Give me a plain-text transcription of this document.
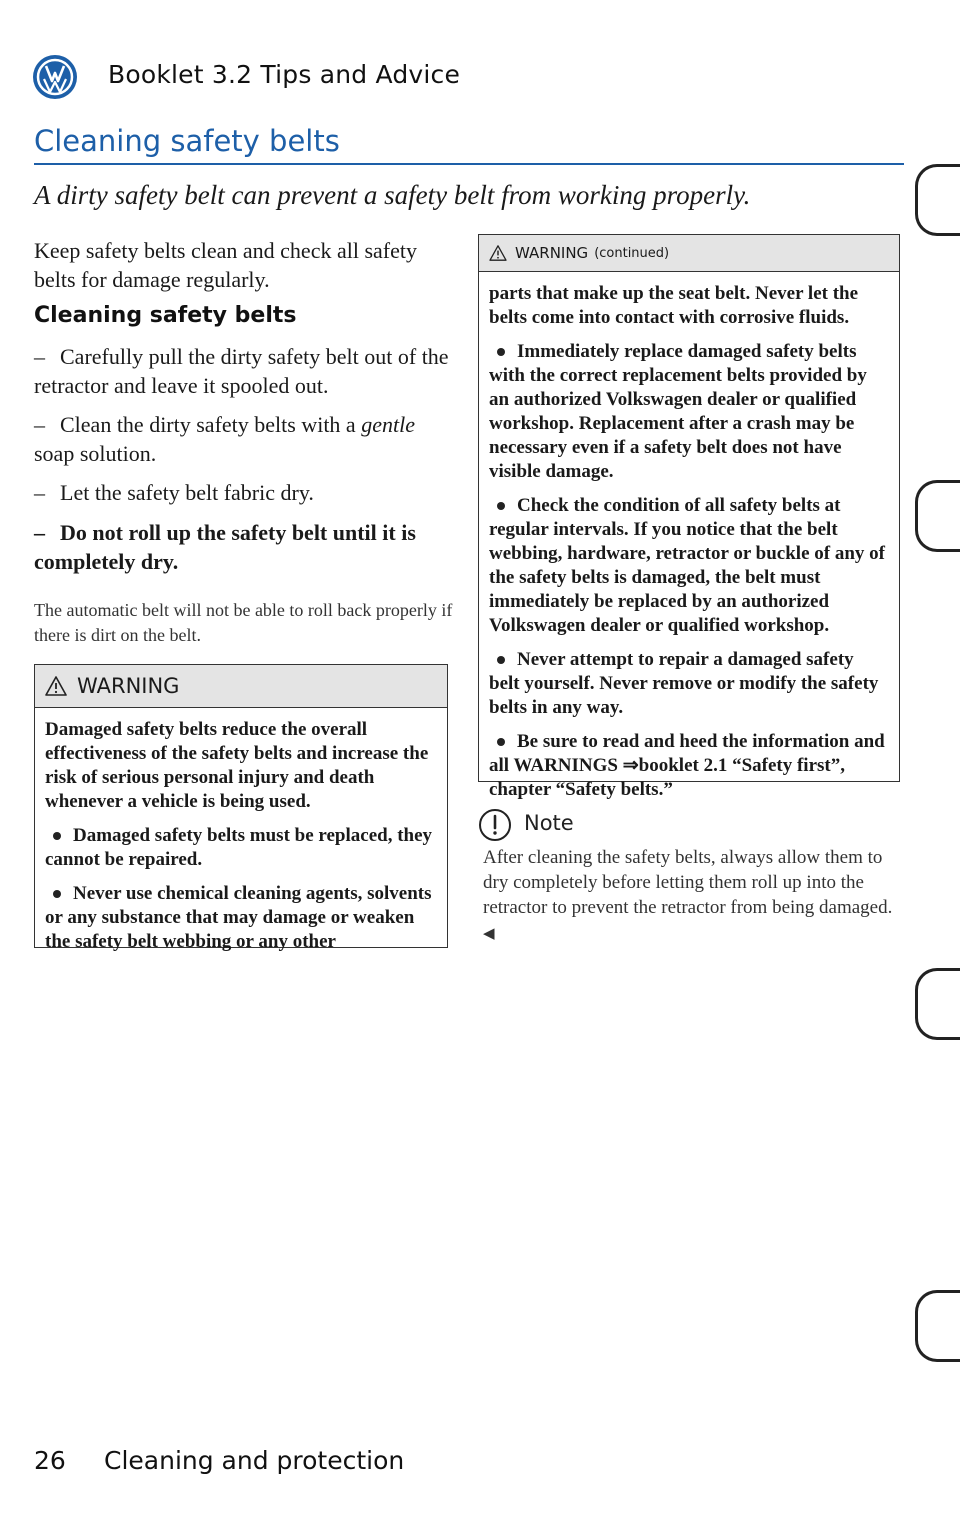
Booklet 3.2 Tips and Advice
Cleaning safety belts
A dirty safety belt can prevent a safety belt from working properly.

Keep safety belts clean and check all safety belts for damage regularly.

Cleaning safety belts
– Carefully pull the dirty safety belt out of the retractor and leave it spooled out.
– Clean the dirty safety belts with a gentle soap solution.
– Let the safety belt fabric dry.
– Do not roll up the safety belt until it is completely dry.
The automatic belt will not be able to roll back properly if there is dirt on the belt.
WARNING

Damaged safety belts reduce the overall effectiveness of the safety belts and increase the risk of serious personal injury and death whenever a vehicle is being used.

Damaged safety belts must be replaced, they cannot be repaired.

Never use chemical cleaning agents, solvents or any substance that may damage or weaken the safety belt webbing or any other

WARNING (continued)

parts that make up the seat belt. Never let the belts come into contact with corrosive fluids.

Immediately replace damaged safety belts with the correct replacement belts provided by an authorized Volkswagen dealer or qualified workshop. Replacement after a crash may be necessary even if a safety belt does not have visible damage.

Check the condition of all safety belts at regular intervals. If you notice that the belt webbing, hardware, retractor or buckle of any of the safety belts is damaged, the belt must immediately be replaced by an authorized Volkswagen dealer or qualified workshop.

Never attempt to repair a damaged safety belt yourself. Never remove or modify the safety belts in any way.

Be sure to read and heed the information and all WARNINGS ⇒booklet 2.1 “Safety first”, chapter “Safety belts.”

Note
After cleaning the safety belts, always allow them to dry completely before letting them roll up into the retractor to prevent the retractor from being damaged. ◀
26 Cleaning and protection
